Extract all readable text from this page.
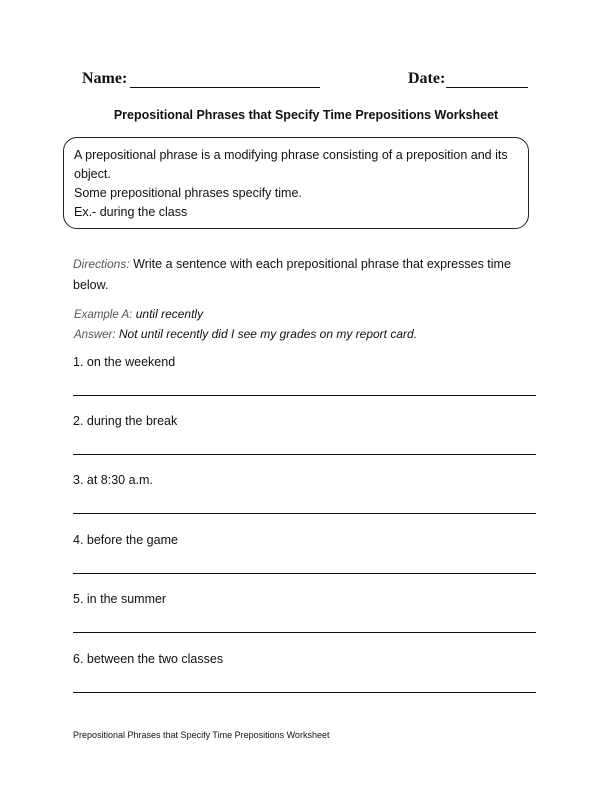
Name:	Date:
Prepositional Phrases that Specify Time Prepositions Worksheet
A prepositional phrase is a modifying phrase consisting of a preposition and its object.
Some prepositional phrases specify time.
Ex.- during the class
Directions: Write a sentence with each prepositional phrase that expresses time below.
Example A: until recently
Answer: Not until recently did I see my grades on my report card.
1. on the weekend
2. during the break
3. at 8:30 a.m.
4. before the game
5. in the summer
6. between the two classes
Prepositional Phrases that Specify Time Prepositions Worksheet
